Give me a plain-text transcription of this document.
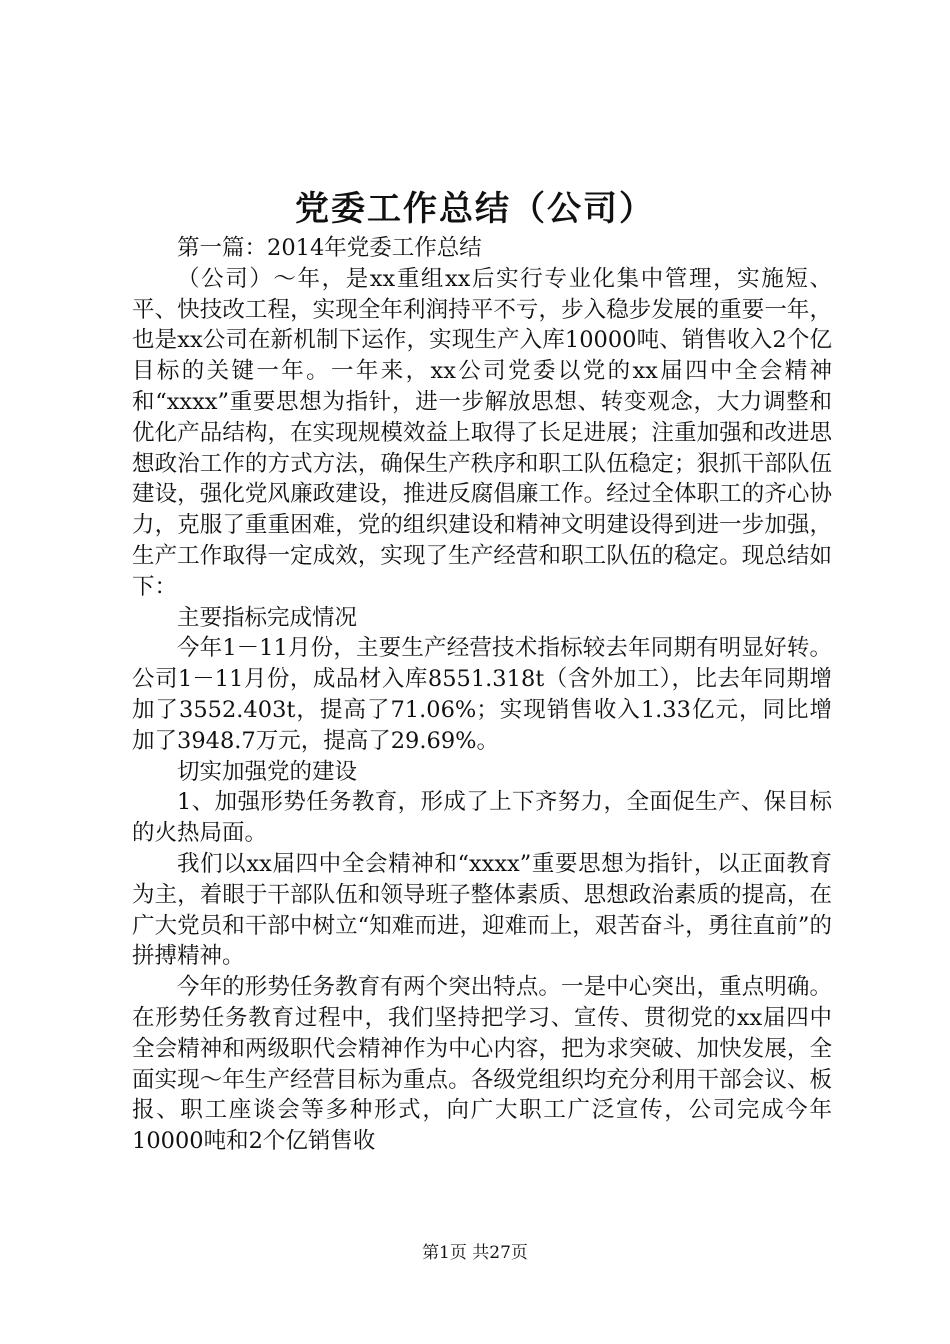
党委工作总结（公司）

第一篇：2014年党委工作总结

（公司）～年，是xx重组xx后实行专业化集中管理，实施短、平、快技改工程，实现全年利润持平不亏，步入稳步发展的重要一年，也是xx公司在新机制下运作，实现生产入库10000吨、销售收入2个亿目标的关键一年。一年来，xx公司党委以党的xx届四中全会精神和“xxxx”重要思想为指针，进一步解放思想、转变观念，大力调整和优化产品结构，在实现规模效益上取得了长足进展；注重加强和改进思想政治工作的方式方法，确保生产秩序和职工队伍稳定；狠抓干部队伍建设，强化党风廉政建设，推进反腐倡廉工作。经过全体职工的齐心协力，克服了重重困难，党的组织建设和精神文明建设得到进一步加强，生产工作取得一定成效，实现了生产经营和职工队伍的稳定。现总结如下：

主要指标完成情况

今年1－11月份，主要生产经营技术指标较去年同期有明显好转。公司1－11月份，成品材入库8551.318t（含外加工），比去年同期增加了3552.403t，提高了71.06%；实现销售收入1.33亿元，同比增加了3948.7万元，提高了29.69%。

切实加强党的建设

1、加强形势任务教育，形成了上下齐努力，全面促生产、保目标的火热局面。

我们以xx届四中全会精神和“xxxx”重要思想为指针，以正面教育为主，着眼于干部队伍和领导班子整体素质、思想政治素质的提高，在广大党员和干部中树立“知难而进，迎难而上，艰苦奋斗，勇往直前”的拼搏精神。

今年的形势任务教育有两个突出特点。一是中心突出，重点明确。在形势任务教育过程中，我们坚持把学习、宣传、贯彻党的xx届四中全会精神和两级职代会精神作为中心内容，把为求突破、加快发展，全面实现～年生产经营目标为重点。各级党组织均充分利用干部会议、板报、职工座谈会等多种形式，向广大职工广泛宣传，公司完成今年10000吨和2个亿销售收

第1页 共27页
